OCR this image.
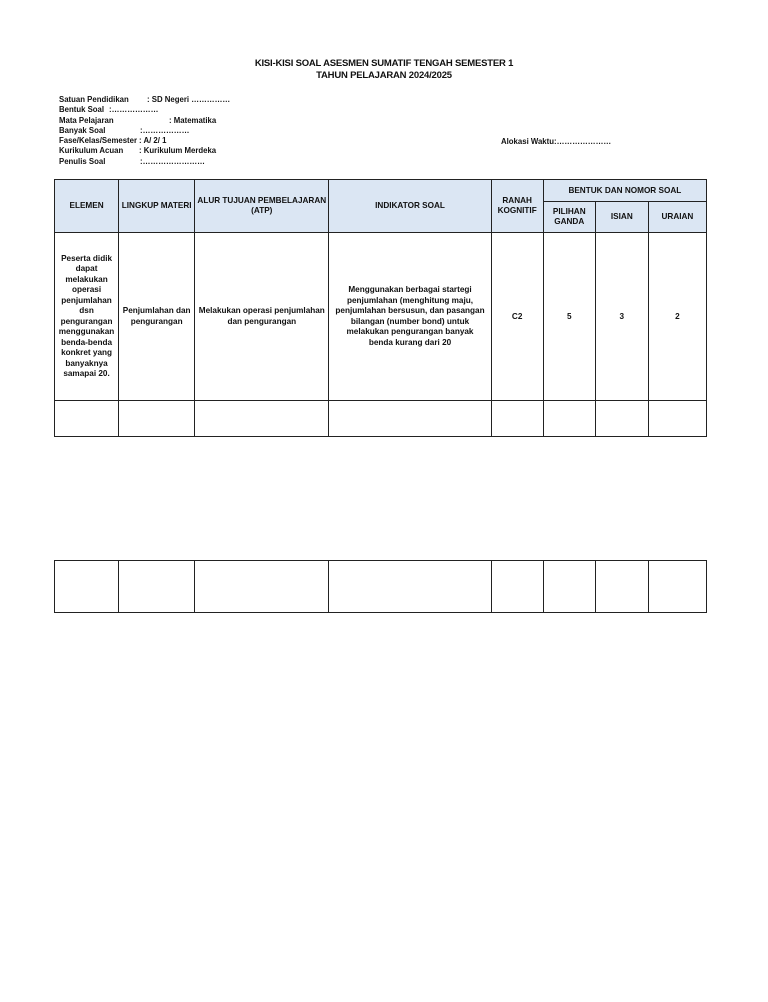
KISI-KISI SOAL ASESMEN SUMATIF TENGAH SEMESTER 1
TAHUN PELAJARAN 2024/2025
Satuan Pendidikan : SD Negeri ……………
Bentuk Soal :………………
Mata Pelajaran	: Matematika
Banyak Soal	:………………
Fase/Kelas/Semester : A/ 2/ 1
Kurikulum Acuan : Kurikulum Merdeka
Penulis Soal	:……………………
Alokasi Waktu:…………………
ELEMEN	LINGKUP MATERI	ALUR TUJUAN PEMBELAJARAN (ATP)	INDIKATOR SOAL	RANAH KOGNITIF	BENTUK DAN NOMOR SOAL		
					PILIHAN GANDA	ISIAN	URAIAN
Peserta didik dapat melakukan operasi penjumlahan dsn pengurangan menggunakan benda-benda konkret yang banyaknya samapai 20.	Penjumlahan dan pengurangan	Melakukan operasi penjumlahan dan pengurangan	Menggunakan berbagai startegi penjumlahan (menghitung maju, penjumlahan bersusun, dan pasangan bilangan (number bond) untuk melakukan pengurangan banyak benda kurang dari 20	C2	5	3	2
